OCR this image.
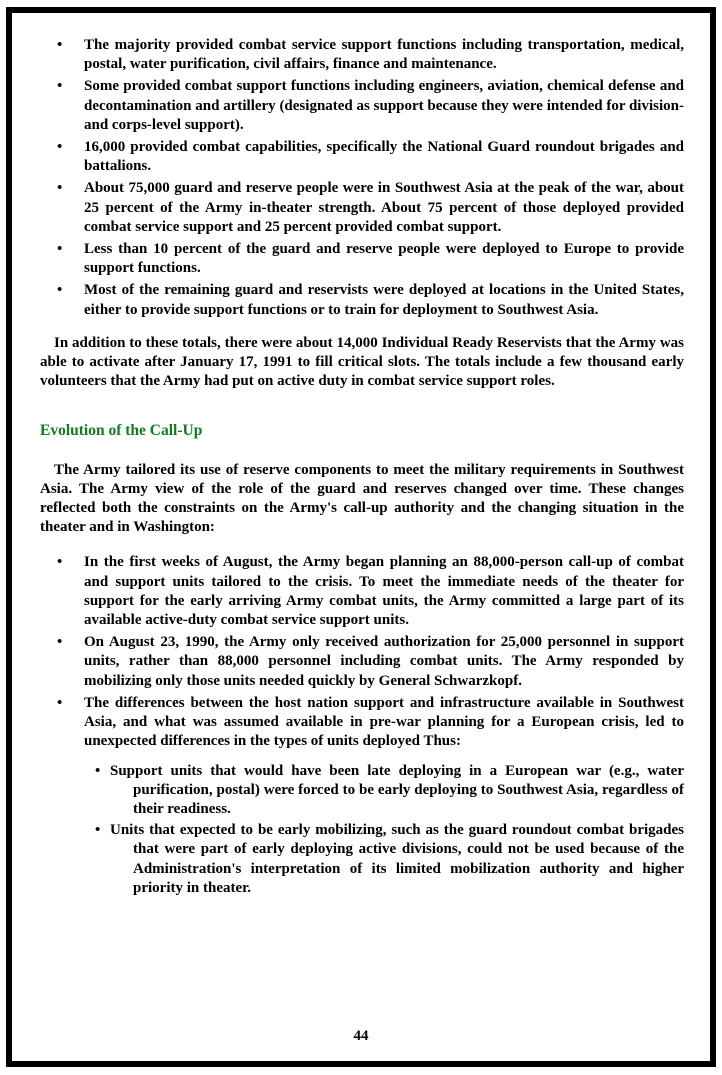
•	The majority provided combat service support functions including transportation, medical, postal, water purification, civil affairs, finance and maintenance.
•	Some provided combat support functions including engineers, aviation, chemical defense and decontamination and artillery (designated as support because they were intended for division- and corps-level support).
•	16,000 provided combat capabilities, specifically the National Guard roundout brigades and battalions.
•	About 75,000 guard and reserve people were in Southwest Asia at the peak of the war, about 25 percent of the Army in-theater strength. About 75 percent of those deployed provided combat service support and 25 percent provided combat support.
•	Less than 10 percent of the guard and reserve people were deployed to Europe to provide support functions.
•	Most of the remaining guard and reservists were deployed at locations in the United States, either to provide support functions or to train for deployment to Southwest Asia.

In addition to these totals, there were about 14,000 Individual Ready Reservists that the Army was able to activate after January 17, 1991 to fill critical slots. The totals include a few thousand early volunteers that the Army had put on active duty in combat service support roles.

Evolution of the Call-Up

The Army tailored its use of reserve components to meet the military requirements in Southwest Asia. The Army view of the role of the guard and reserves changed over time. These changes reflected both the constraints on the Army's call-up authority and the changing situation in the theater and in Washington:

•	In the first weeks of August, the Army began planning an 88,000-person call-up of combat and support units tailored to the crisis. To meet the immediate needs of the theater for support for the early arriving Army combat units, the Army committed a large part of its available active-duty combat service support units.
•	On August 23, 1990, the Army only received authorization for 25,000 personnel in support units, rather than 88,000 personnel including combat units. The Army responded by mobilizing only those units needed quickly by General Schwarzkopf.
•	The differences between the host nation support and infrastructure available in Southwest Asia, and what was assumed available in pre-war planning for a European crisis, led to unexpected differences in the types of units deployed Thus:
• Support units that would have been late deploying in a European war (e.g., water purification, postal) were forced to be early deploying to Southwest Asia, regardless of their readiness.
• Units that expected to be early mobilizing, such as the guard roundout combat brigades that were part of early deploying active divisions, could not be used because of the Administration's interpretation of its limited mobilization authority and higher priority in theater.
44
